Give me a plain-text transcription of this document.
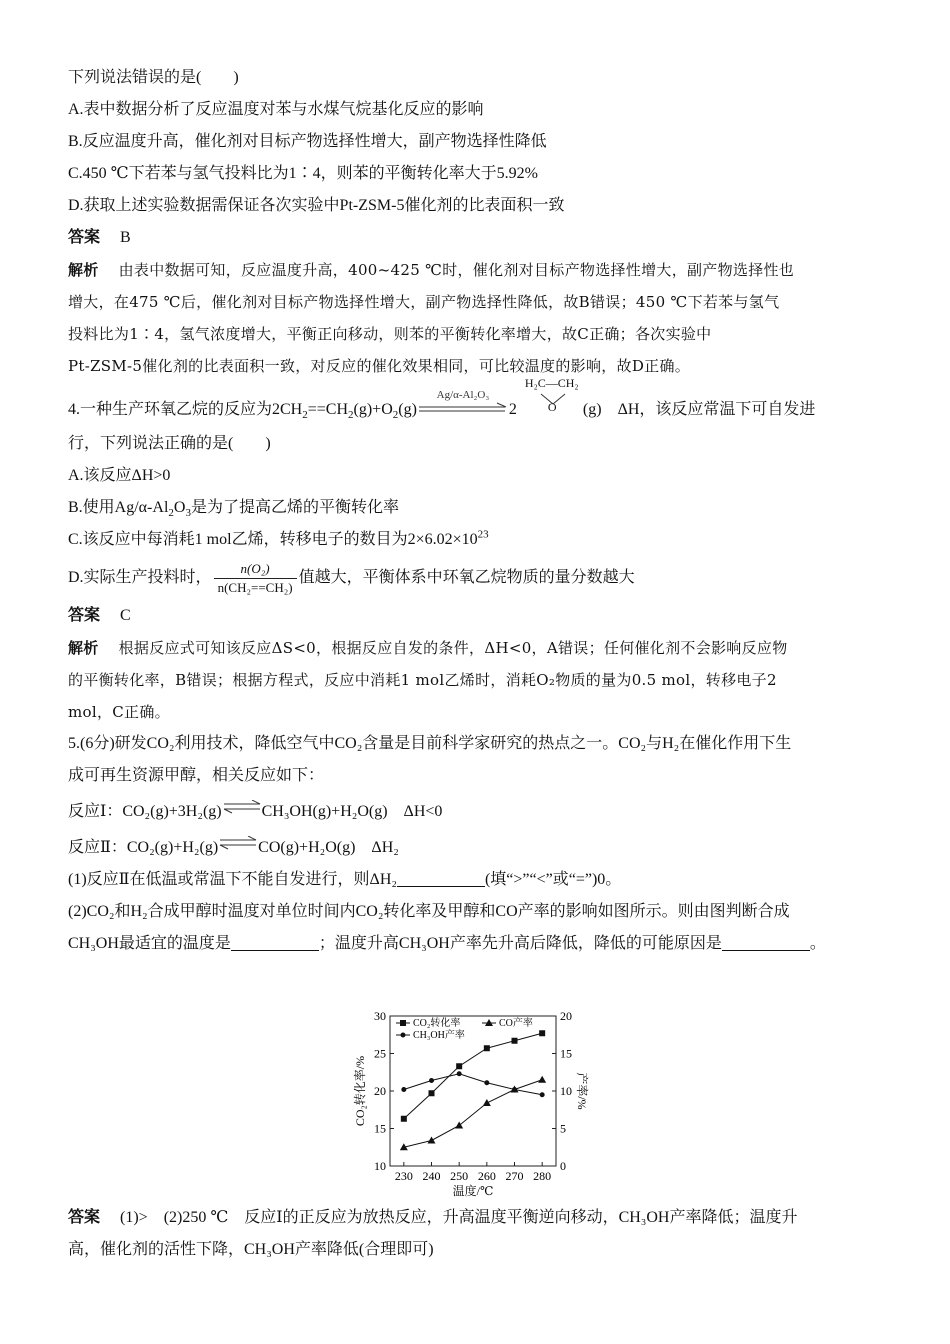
下列说法错误的是(　　)
A.表中数据分析了反应温度对苯与水煤气烷基化反应的影响
B.反应温度升高，催化剂对目标产物选择性增大，副产物选择性降低
C.450 ℃下若苯与氢气投料比为1∶4，则苯的平衡转化率大于5.92%
D.获取上述实验数据需保证各次实验中Pt-ZSM-5催化剂的比表面积一致
答案 B
解析 由表中数据可知，反应温度升高，400~425 ℃时，催化剂对目标产物选择性增大，副产物选择性也
增大，在475 ℃后，催化剂对目标产物选择性增大，副产物选择性降低，故B错误；450 ℃下若苯与氢气
投料比为1∶4，氢气浓度增大，平衡正向移动，则苯的平衡转化率增大，故C正确；各次实验中
Pt-ZSM-5催化剂的比表面积一致，对反应的催化效果相同，可比较温度的影响，故D正确。
4.一种生产环氧乙烷的反应为$2CH_2==CH_2(g)+O_2(g)$
Ag/α-Al₂O₃
2
H₂C—CH₂
O (g)　ΔH，该反应常温下可自发进
行，下列说法正确的是(　　)
A.该反应ΔH>0
B.使用$Ag/\alpha-Al_2O_3$是为了提高乙烯的平衡转化率
C.该反应中每消耗1 mol乙烯，转移电子的数目为$2\times 6.02\times 10^{23}$
D.实际生产投料时， $\frac{\text{n(O₂)}}{\text{n(CH₂==CH₂)}}$ 值越大，平衡体系中环氧乙烷物质的量分数越大
答案 C
解析 根据反应式可知该反应ΔS<0，根据反应自发的条件，ΔH<0，A错误；任何催化剂不会影响反应物
的平衡转化率，B错误；根据方程式，反应中消耗1 mol乙烯时，消耗O₂物质的量为0.5 mol，转移电子2
mol，C正确。
5.(6分)研发CO₂利用技术，降低空气中CO₂含量是目前科学家研究的热点之一。CO₂与H₂在催化作用下生
成可再生资源甲醇，相关反应如下：
反应Ⅰ：CO₂(g)+3H₂(g)⇌CH₃OH(g)+H₂O(g)　ΔH<0
反应Ⅱ：CO₂(g)+H₂(g)⇌CO(g)+H₂O(g)　ΔH₂
(1)反应Ⅱ在低温或常温下不能自发进行，则ΔH₂	(填“>”“<”或“=”)0。
(2)CO₂和H₂合成甲醇时温度对单位时间内CO₂转化率及甲醇和CO产率的影响如图所示。则由图判断合成
CH₃OH最适宜的温度是	；温度升高CH₃OH产率先升高后降低，降低的可能原因是	。
230 240 250 260 270 280
10
15
20
25
30
0
5
10
15
20
CO₂转化率	CO产率
CH₃OH产率
温度/℃
CO₂转化率/%	产率/%
答案 (1)>　(2)250 ℃　反应Ⅰ的正反应为放热反应，升高温度平衡逆向移动，CH₃OH产率降低；温度升
高，催化剂的活性下降，CH₃OH产率降低(合理即可)
